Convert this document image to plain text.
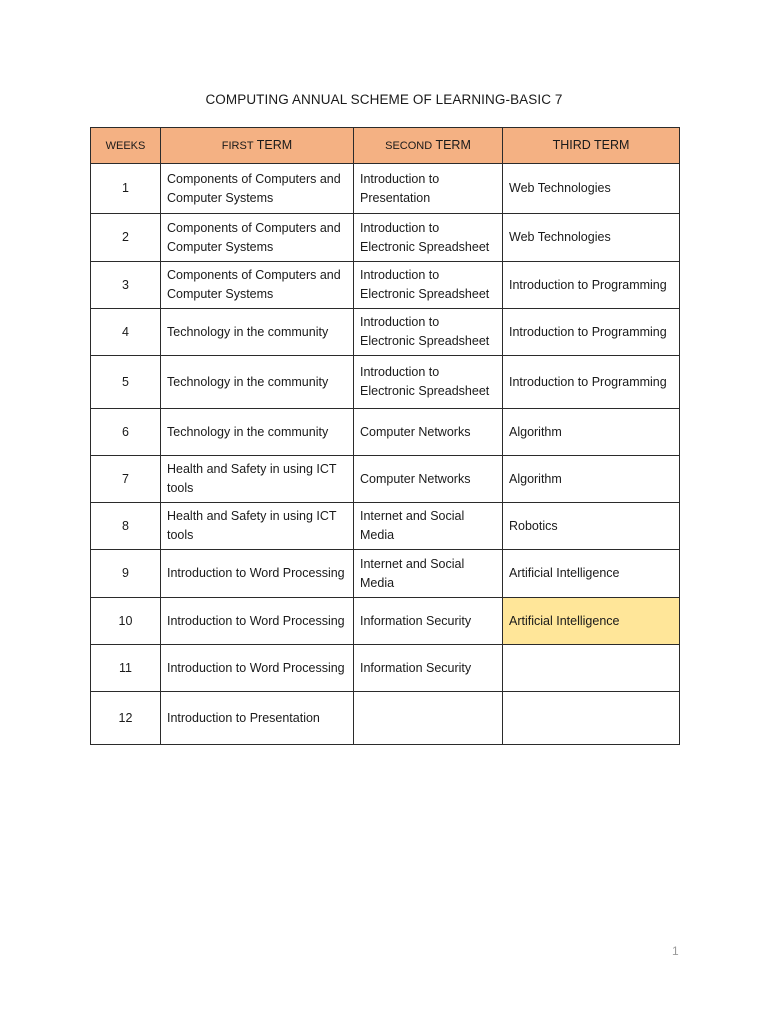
COMPUTING ANNUAL SCHEME OF LEARNING-BASIC 7
WEEKS	FIRST TERM	SECOND TERM	THIRD TERM
1	Components of Computers and Computer Systems	Introduction to Presentation	Web Technologies
2	Components of Computers and Computer Systems	Introduction to Electronic Spreadsheet	Web Technologies
3	Components of Computers and Computer Systems	Introduction to Electronic Spreadsheet	Introduction to Programming
4	Technology in the community	Introduction to Electronic Spreadsheet	Introduction to Programming
5	Technology in the community	Introduction to Electronic Spreadsheet	Introduction to Programming
6	Technology in the community	Computer Networks	Algorithm
7	Health and Safety in using ICT tools	Computer Networks	Algorithm
8	Health and Safety in using ICT tools	Internet and Social Media	Robotics
9	Introduction to Word Processing	Internet and Social Media	Artificial Intelligence
10	Introduction to Word Processing	Information Security	Artificial Intelligence
11	Introduction to Word Processing	Information Security	
12	Introduction to Presentation		
1
